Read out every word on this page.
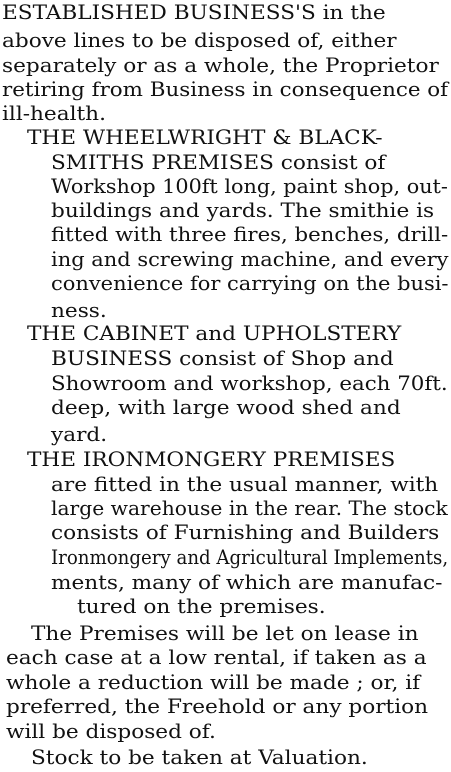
ESTABLISHED BUSINESS'S in the
above lines to be disposed of, either
separately or as a whole, the Proprietor
retiring from Business in consequence of
ill-health.
THE WHEELWRIGHT & BLACK-
SMITHS PREMISES consist of
Workshop 100ft long, paint shop, out-
buildings and yards. The smithie is
fitted with three fires, benches, drill-
ing and screwing machine, and every
convenience for carrying on the busi-
ness.
THE CABINET and UPHOLSTERY
BUSINESS consist of Shop and
Showroom and workshop, each 70ft.
deep, with large wood shed and
yard.
THE IRONMONGERY PREMISES
are fitted in the usual manner, with
large warehouse in the rear. The stock
consists of Furnishing and Builders
Ironmongery and Agricultural Implements,
ments, many of which are manufac-
tured on the premises.
The Premises will be let on lease in
each case at a low rental, if taken as a
whole a reduction will be made ; or, if
preferred, the Freehold or any portion
will be disposed of.
Stock to be taken at Valuation.
